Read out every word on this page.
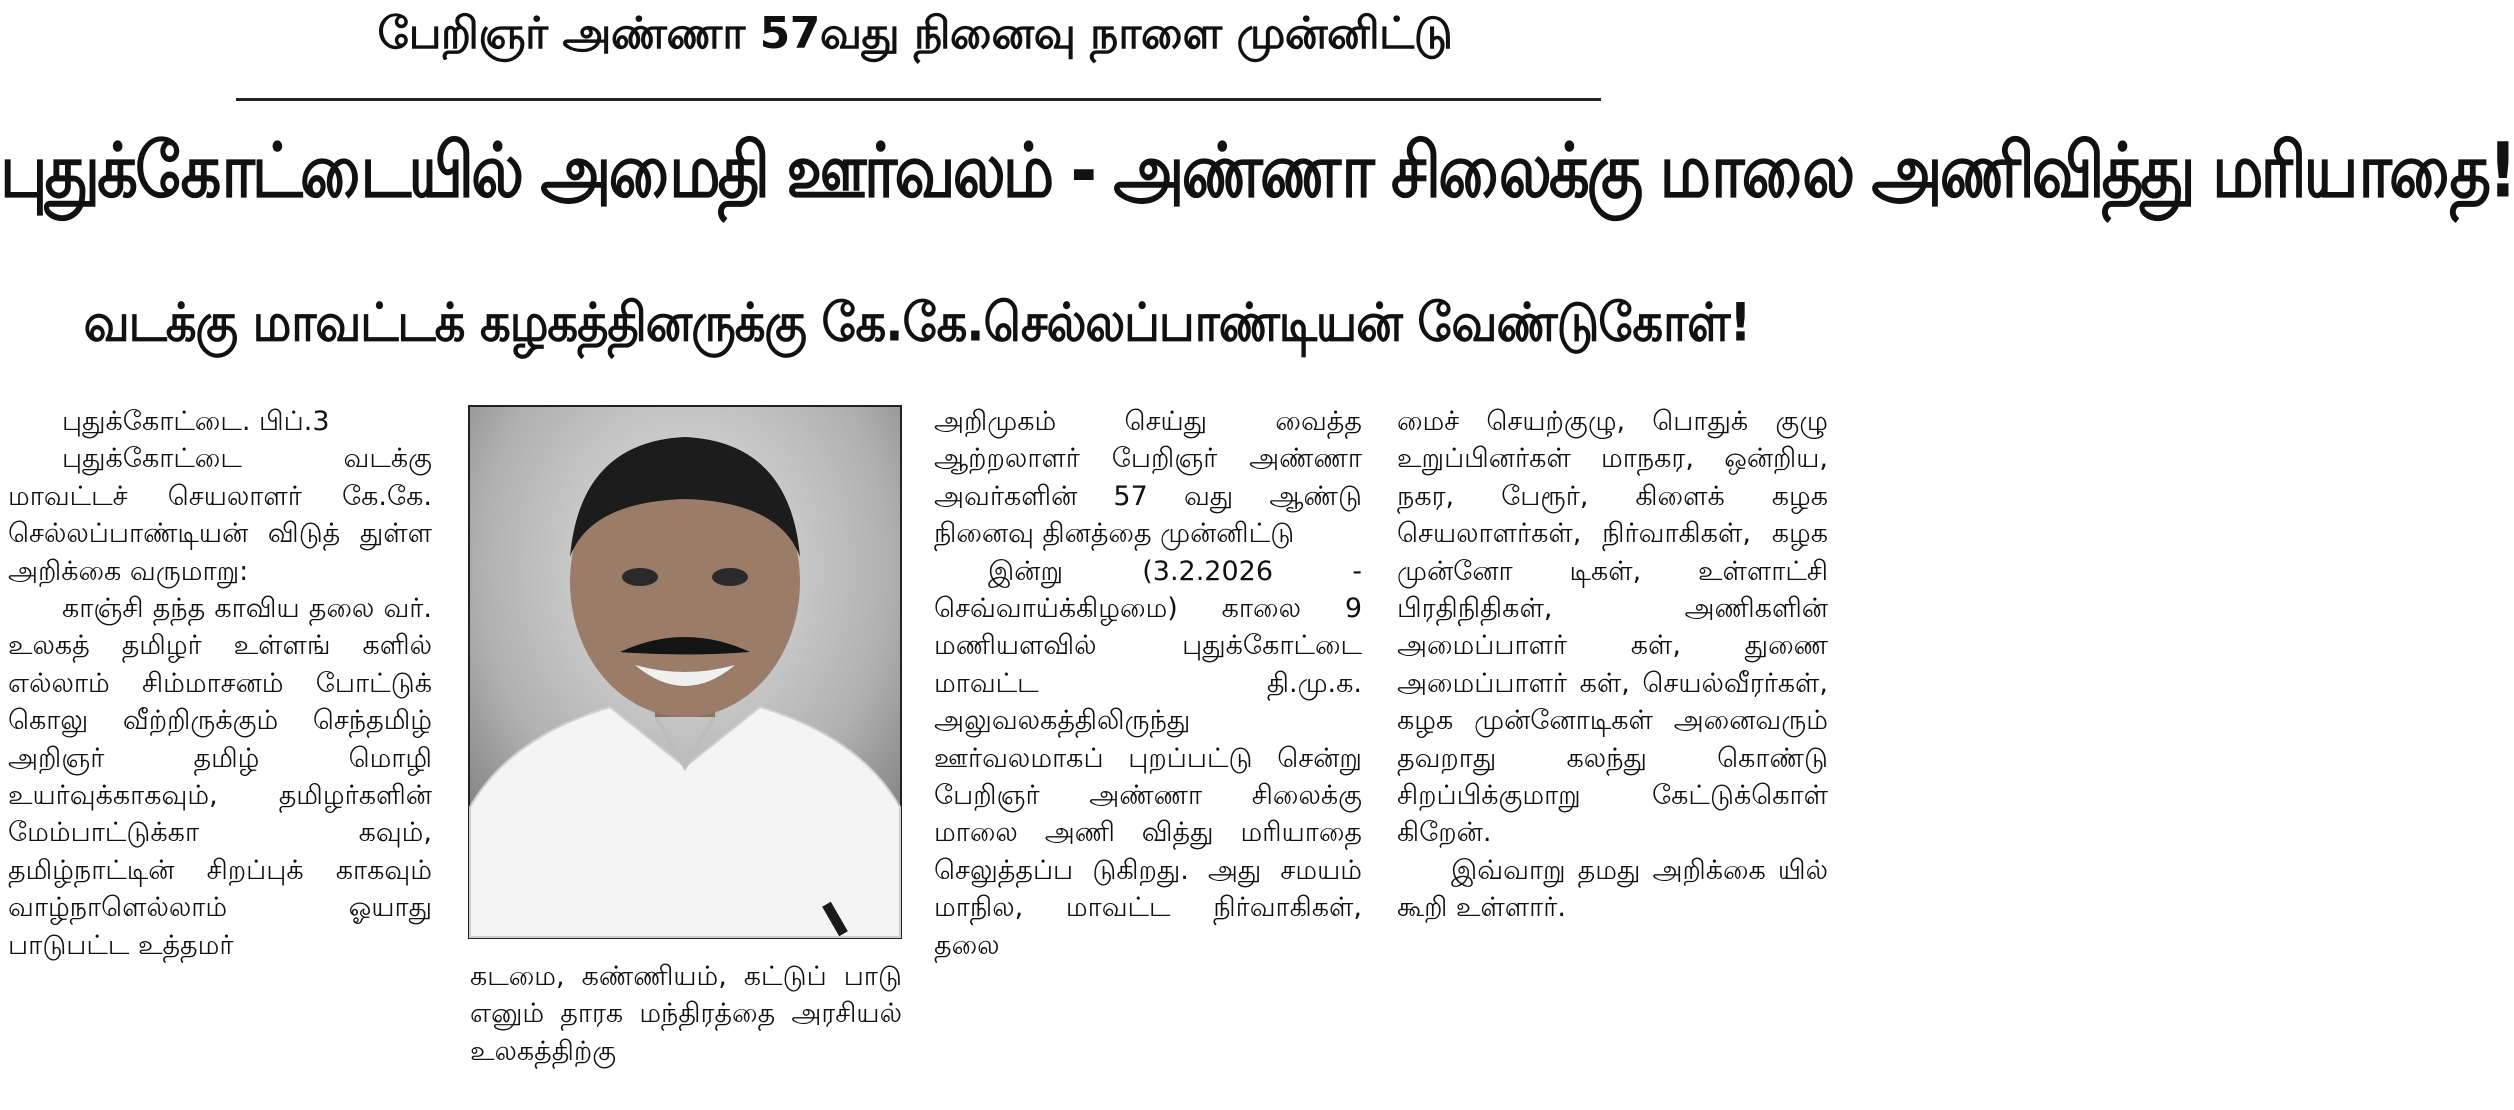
பேறிஞர் அண்ணா 57வது நினைவு நாளை முன்னிட்டு
புதுக்கோட்டையில் அமைதி ஊர்வலம் - அண்ணா சிலைக்கு மாலை அணிவித்து மரியாதை!
வடக்கு மாவட்டக் கழகத்தினருக்கு கே.கே.செல்லப்பாண்டியன் வேண்டுகோள்!

புதுக்கோட்டை. பிப்.3

புதுக்கோட்டை வடக்கு மாவட்டச் செயலாளர் கே.கே. செல்லப்பாண்டியன் விடுத் துள்ள அறிக்கை வருமாறு:

காஞ்சி தந்த காவிய தலை வர். உலகத் தமிழர் உள்ளங் களில் எல்லாம் சிம்மாசனம் போட்டுக் கொலு வீற்றிருக்கும் செந்தமிழ் அறிஞர் தமிழ் மொழி உயர்வுக்காகவும், தமிழர்களின் மேம்பாட்டுக்கா கவும், தமிழ்நாட்டின் சிறப்புக் காகவும் வாழ்நாளெல்லாம் ஓயாது பாடுபட்ட உத்தமர்

கடமை, கண்ணியம், கட்டுப் பாடு எனும் தாரக மந்திரத்தை அரசியல் உலகத்திற்கு

அறிமுகம் செய்து வைத்த ஆற்றலாளர் பேறிஞர் அண்ணா அவர்களின் 57 வது ஆண்டு நினைவு தினத்தை முன்னிட்டு

இன்று (3.2.2026 - செவ்வாய்க்கிழமை) காலை 9 மணியளவில் புதுக்கோட்டை மாவட்ட தி.மு.க. அலுவலகத்திலிருந்து ஊர்வலமாகப் புறப்பட்டு சென்று பேறிஞர் அண்ணா சிலைக்கு மாலை அணி வித்து மரியாதை செலுத்தப்ப டுகிறது. அது சமயம் மாநில, மாவட்ட நிர்வாகிகள், தலை

மைச் செயற்குழு, பொதுக் குழு உறுப்பினர்கள் மாநகர, ஒன்றிய, நகர, பேரூர், கிளைக் கழக செயலாளர்கள், நிர்வாகிகள், கழக முன்னோ டிகள், உள்ளாட்சி பிரதிநிதிகள், அணிகளின் அமைப்பாளர் கள், துணை அமைப்பாளர் கள், செயல்வீரர்கள், கழக முன்னோடிகள் அனைவரும் தவறாது கலந்து கொண்டு சிறப்பிக்குமாறு கேட்டுக்கொள் கிறேன்.

இவ்வாறு தமது அறிக்கை யில் கூறி உள்ளார்.
